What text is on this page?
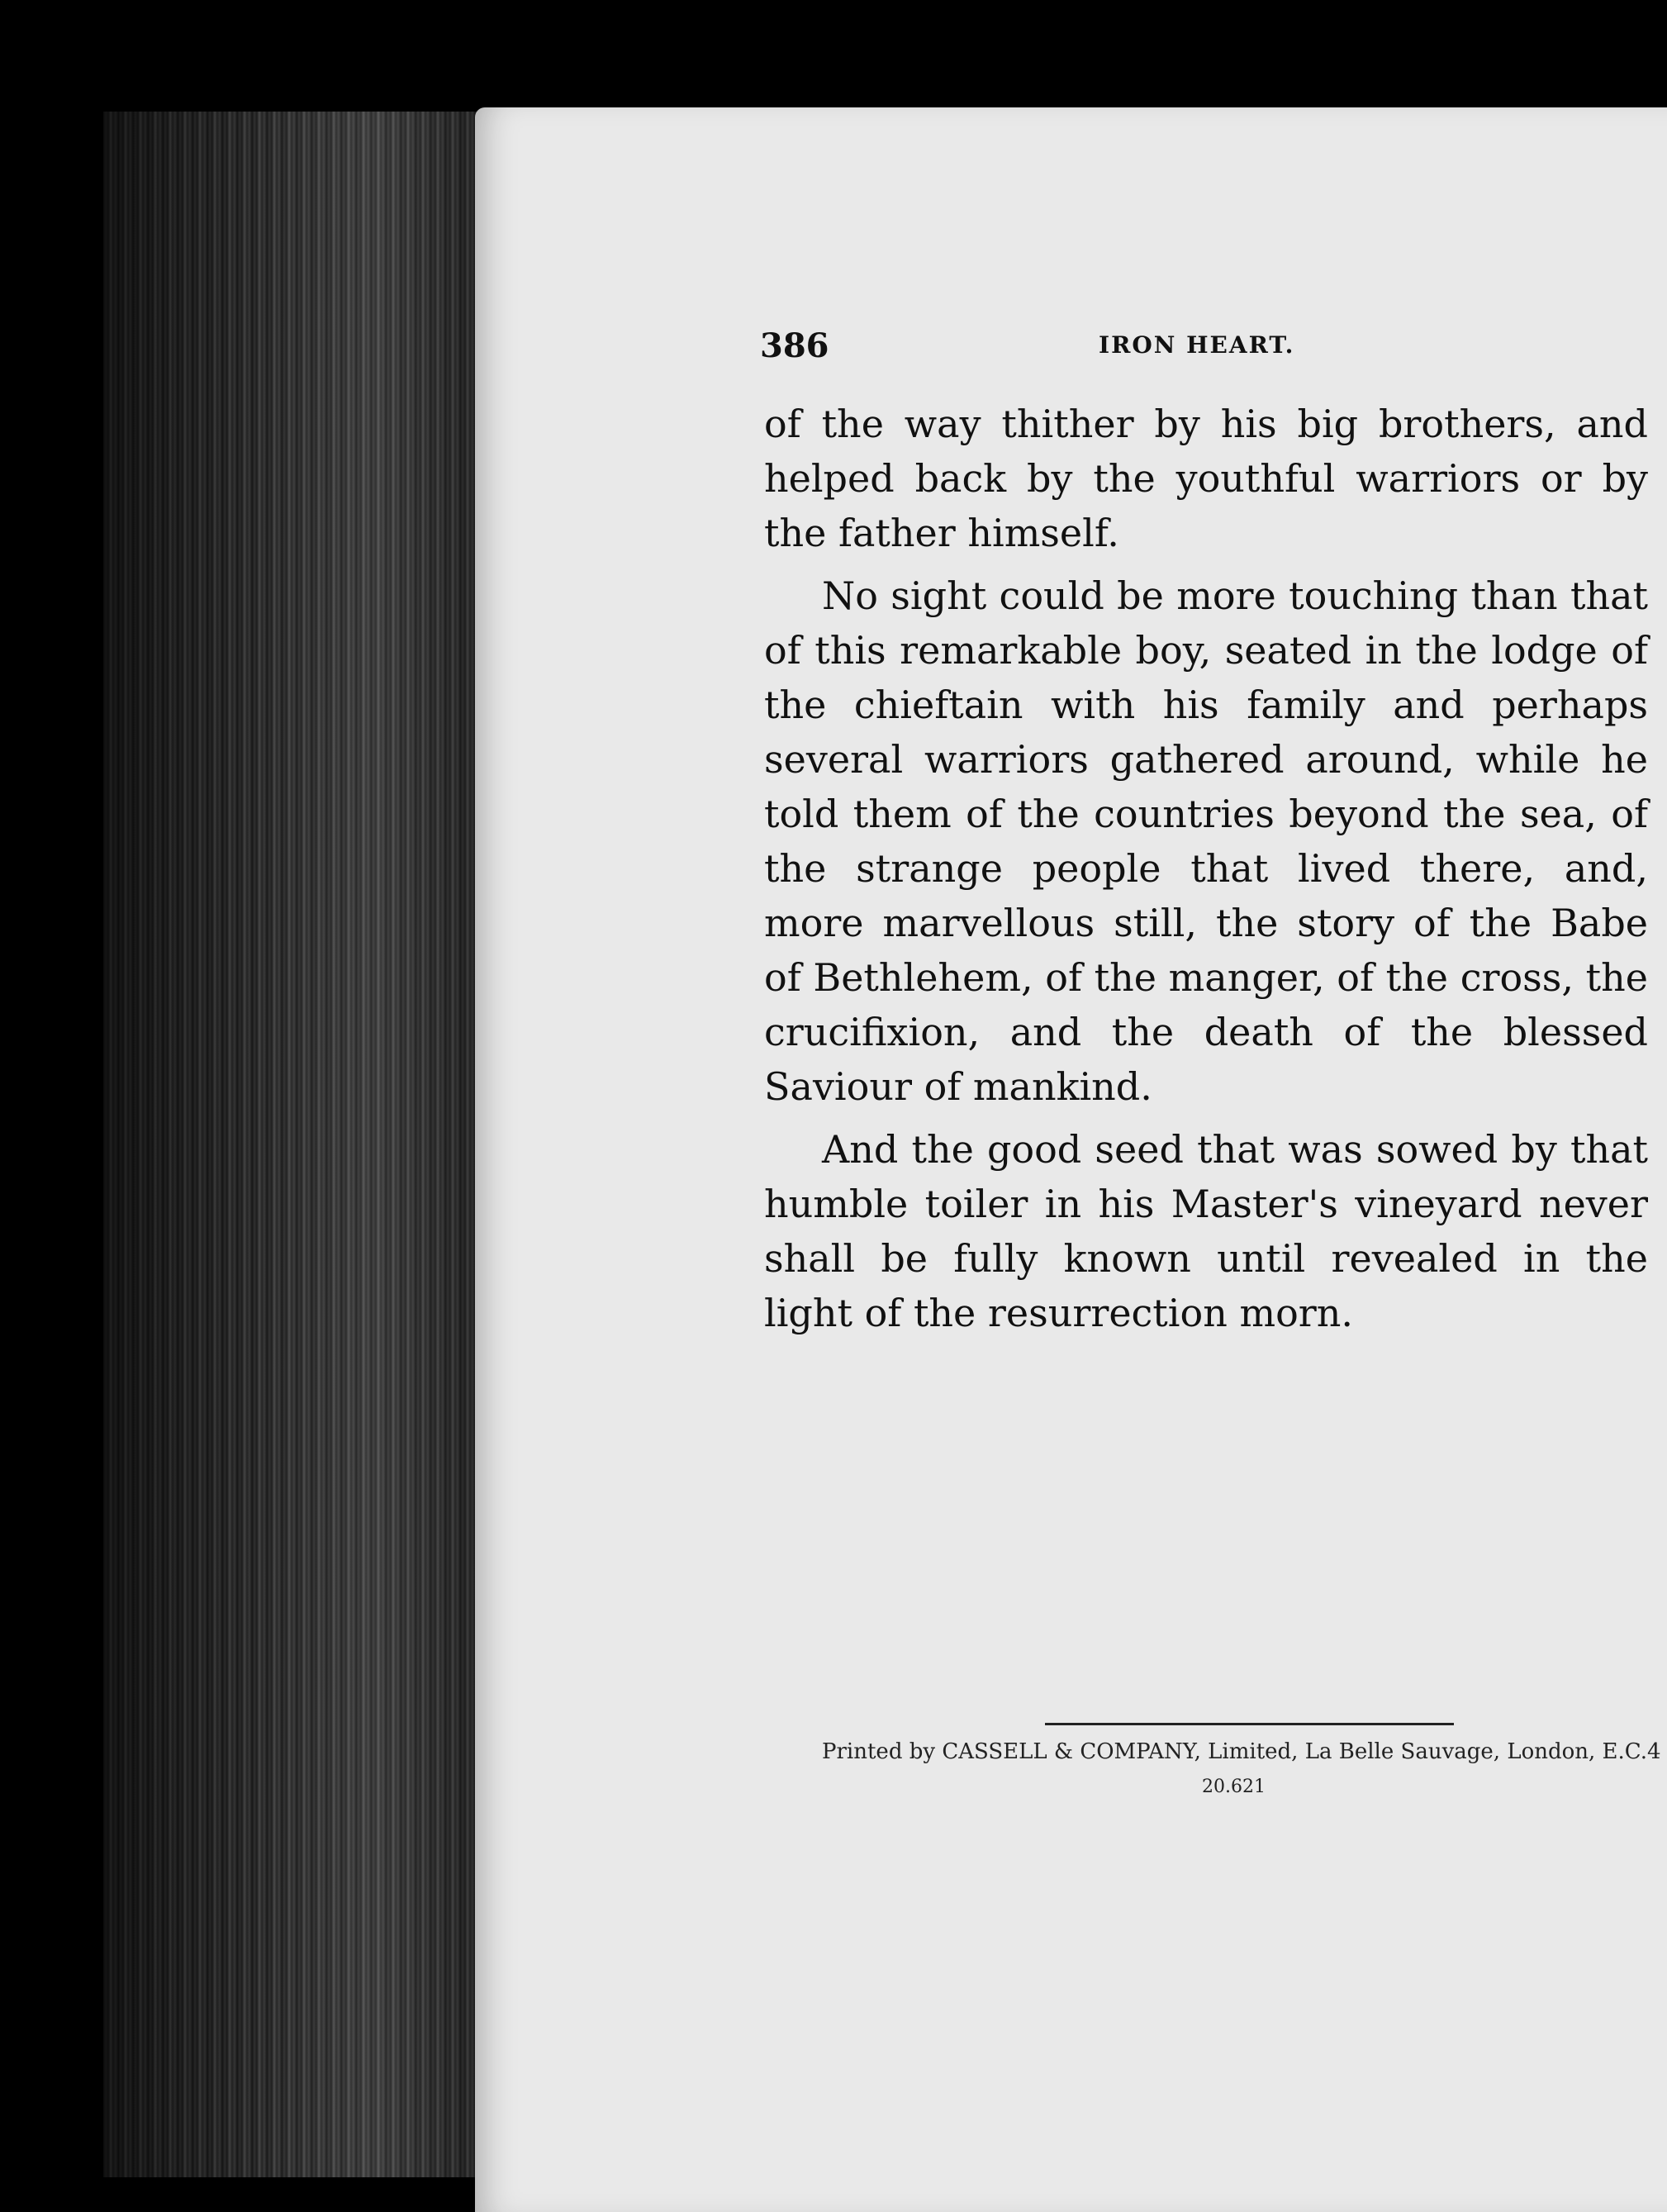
386	IRON HEART.

of the way thither by his big brothers, and helped back by the youthful warriors or by the father himself.

No sight could be more touching than that of this remarkable boy, seated in the lodge of the chieftain with his family and perhaps several warriors gathered around, while he told them of the countries beyond the sea, of the strange people that lived there, and, more marvellous still, the story of the Babe of Bethlehem, of the manger, of the cross, the crucifixion, and the death of the blessed Saviour of mankind.

And the good seed that was sowed by that humble toiler in his Master's vineyard never shall be fully known until revealed in the light of the resurrection morn.

Printed by CASSELL & COMPANY, Limited, La Belle Sauvage, London, E.C.4
20.621
